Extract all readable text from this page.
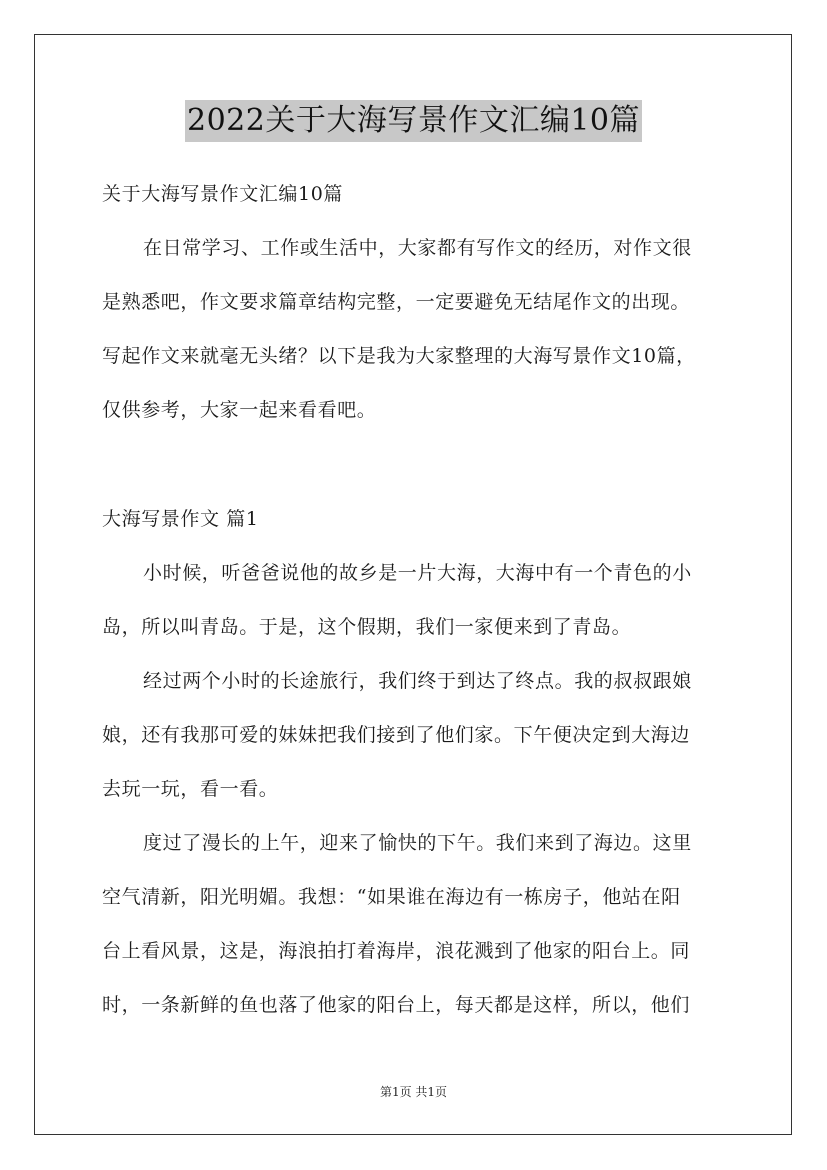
2022关于大海写景作文汇编10篇
关于大海写景作文汇编10篇
在日常学习、工作或生活中，大家都有写作文的经历，对作文很
是熟悉吧，作文要求篇章结构完整，一定要避免无结尾作文的出现。
写起作文来就毫无头绪？以下是我为大家整理的大海写景作文10篇，
仅供参考，大家一起来看看吧。
大海写景作文 篇1
小时候，听爸爸说他的故乡是一片大海，大海中有一个青色的小
岛，所以叫青岛。于是，这个假期，我们一家便来到了青岛。
经过两个小时的长途旅行，我们终于到达了终点。我的叔叔跟娘
娘，还有我那可爱的妹妹把我们接到了他们家。下午便决定到大海边
去玩一玩，看一看。
度过了漫长的上午，迎来了愉快的下午。我们来到了海边。这里
空气清新，阳光明媚。我想：“如果谁在海边有一栋房子，他站在阳
台上看风景，这是，海浪拍打着海岸，浪花溅到了他家的阳台上。同
时，一条新鲜的鱼也落了他家的阳台上，每天都是这样，所以，他们
第1页 共1页
